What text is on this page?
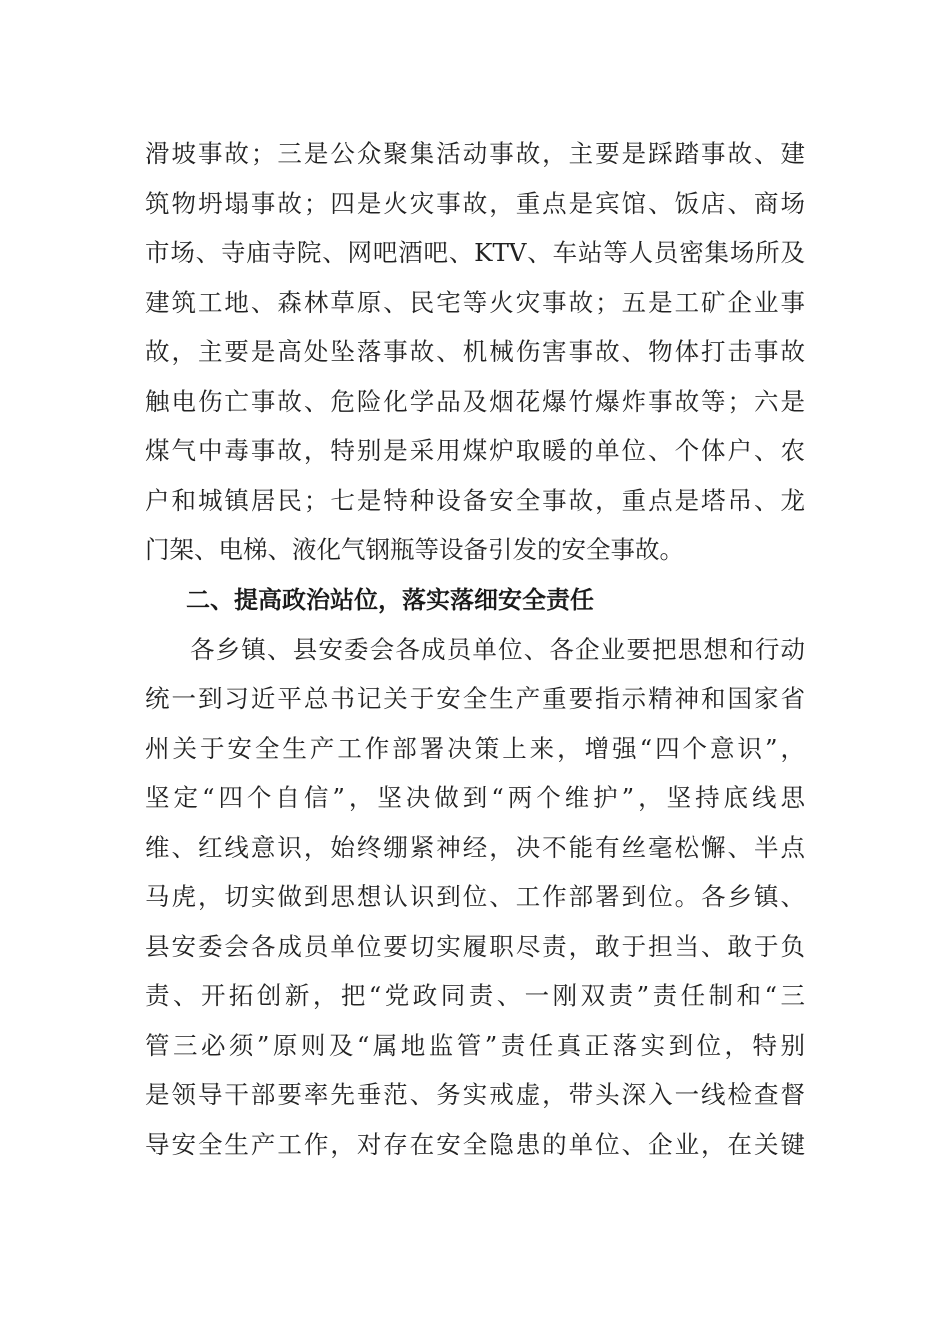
滑坡事故；三是公众聚集活动事故，主要是踩踏事故、建
筑物坍塌事故；四是火灾事故，重点是宾馆、饭店、商场
市场、寺庙寺院、网吧酒吧、KTV、车站等人员密集场所及
建筑工地、森林草原、民宅等火灾事故；五是工矿企业事
故，主要是高处坠落事故、机械伤害事故、物体打击事故
触电伤亡事故、危险化学品及烟花爆竹爆炸事故等；六是
煤气中毒事故，特别是采用煤炉取暖的单位、个体户、农
户和城镇居民；七是特种设备安全事故，重点是塔吊、龙
门架、电梯、液化气钢瓶等设备引发的安全事故。
二、提高政治站位，落实落细安全责任
各乡镇、县安委会各成员单位、各企业要把思想和行动
统一到习近平总书记关于安全生产重要指示精神和国家省
州关于安全生产工作部署决策上来，增强“四个意识”，
坚定“四个自信”，坚决做到“两个维护”，坚持底线思
维、红线意识，始终绷紧神经，决不能有丝毫松懈、半点
马虎，切实做到思想认识到位、工作部署到位。各乡镇、
县安委会各成员单位要切实履职尽责，敢于担当、敢于负
责、开拓创新，把“党政同责、一刚双责”责任制和“三
管三必须”原则及“属地监管”责任真正落实到位，特别
是领导干部要率先垂范、务实戒虚，带头深入一线检查督
导安全生产工作，对存在安全隐患的单位、企业，在关键
